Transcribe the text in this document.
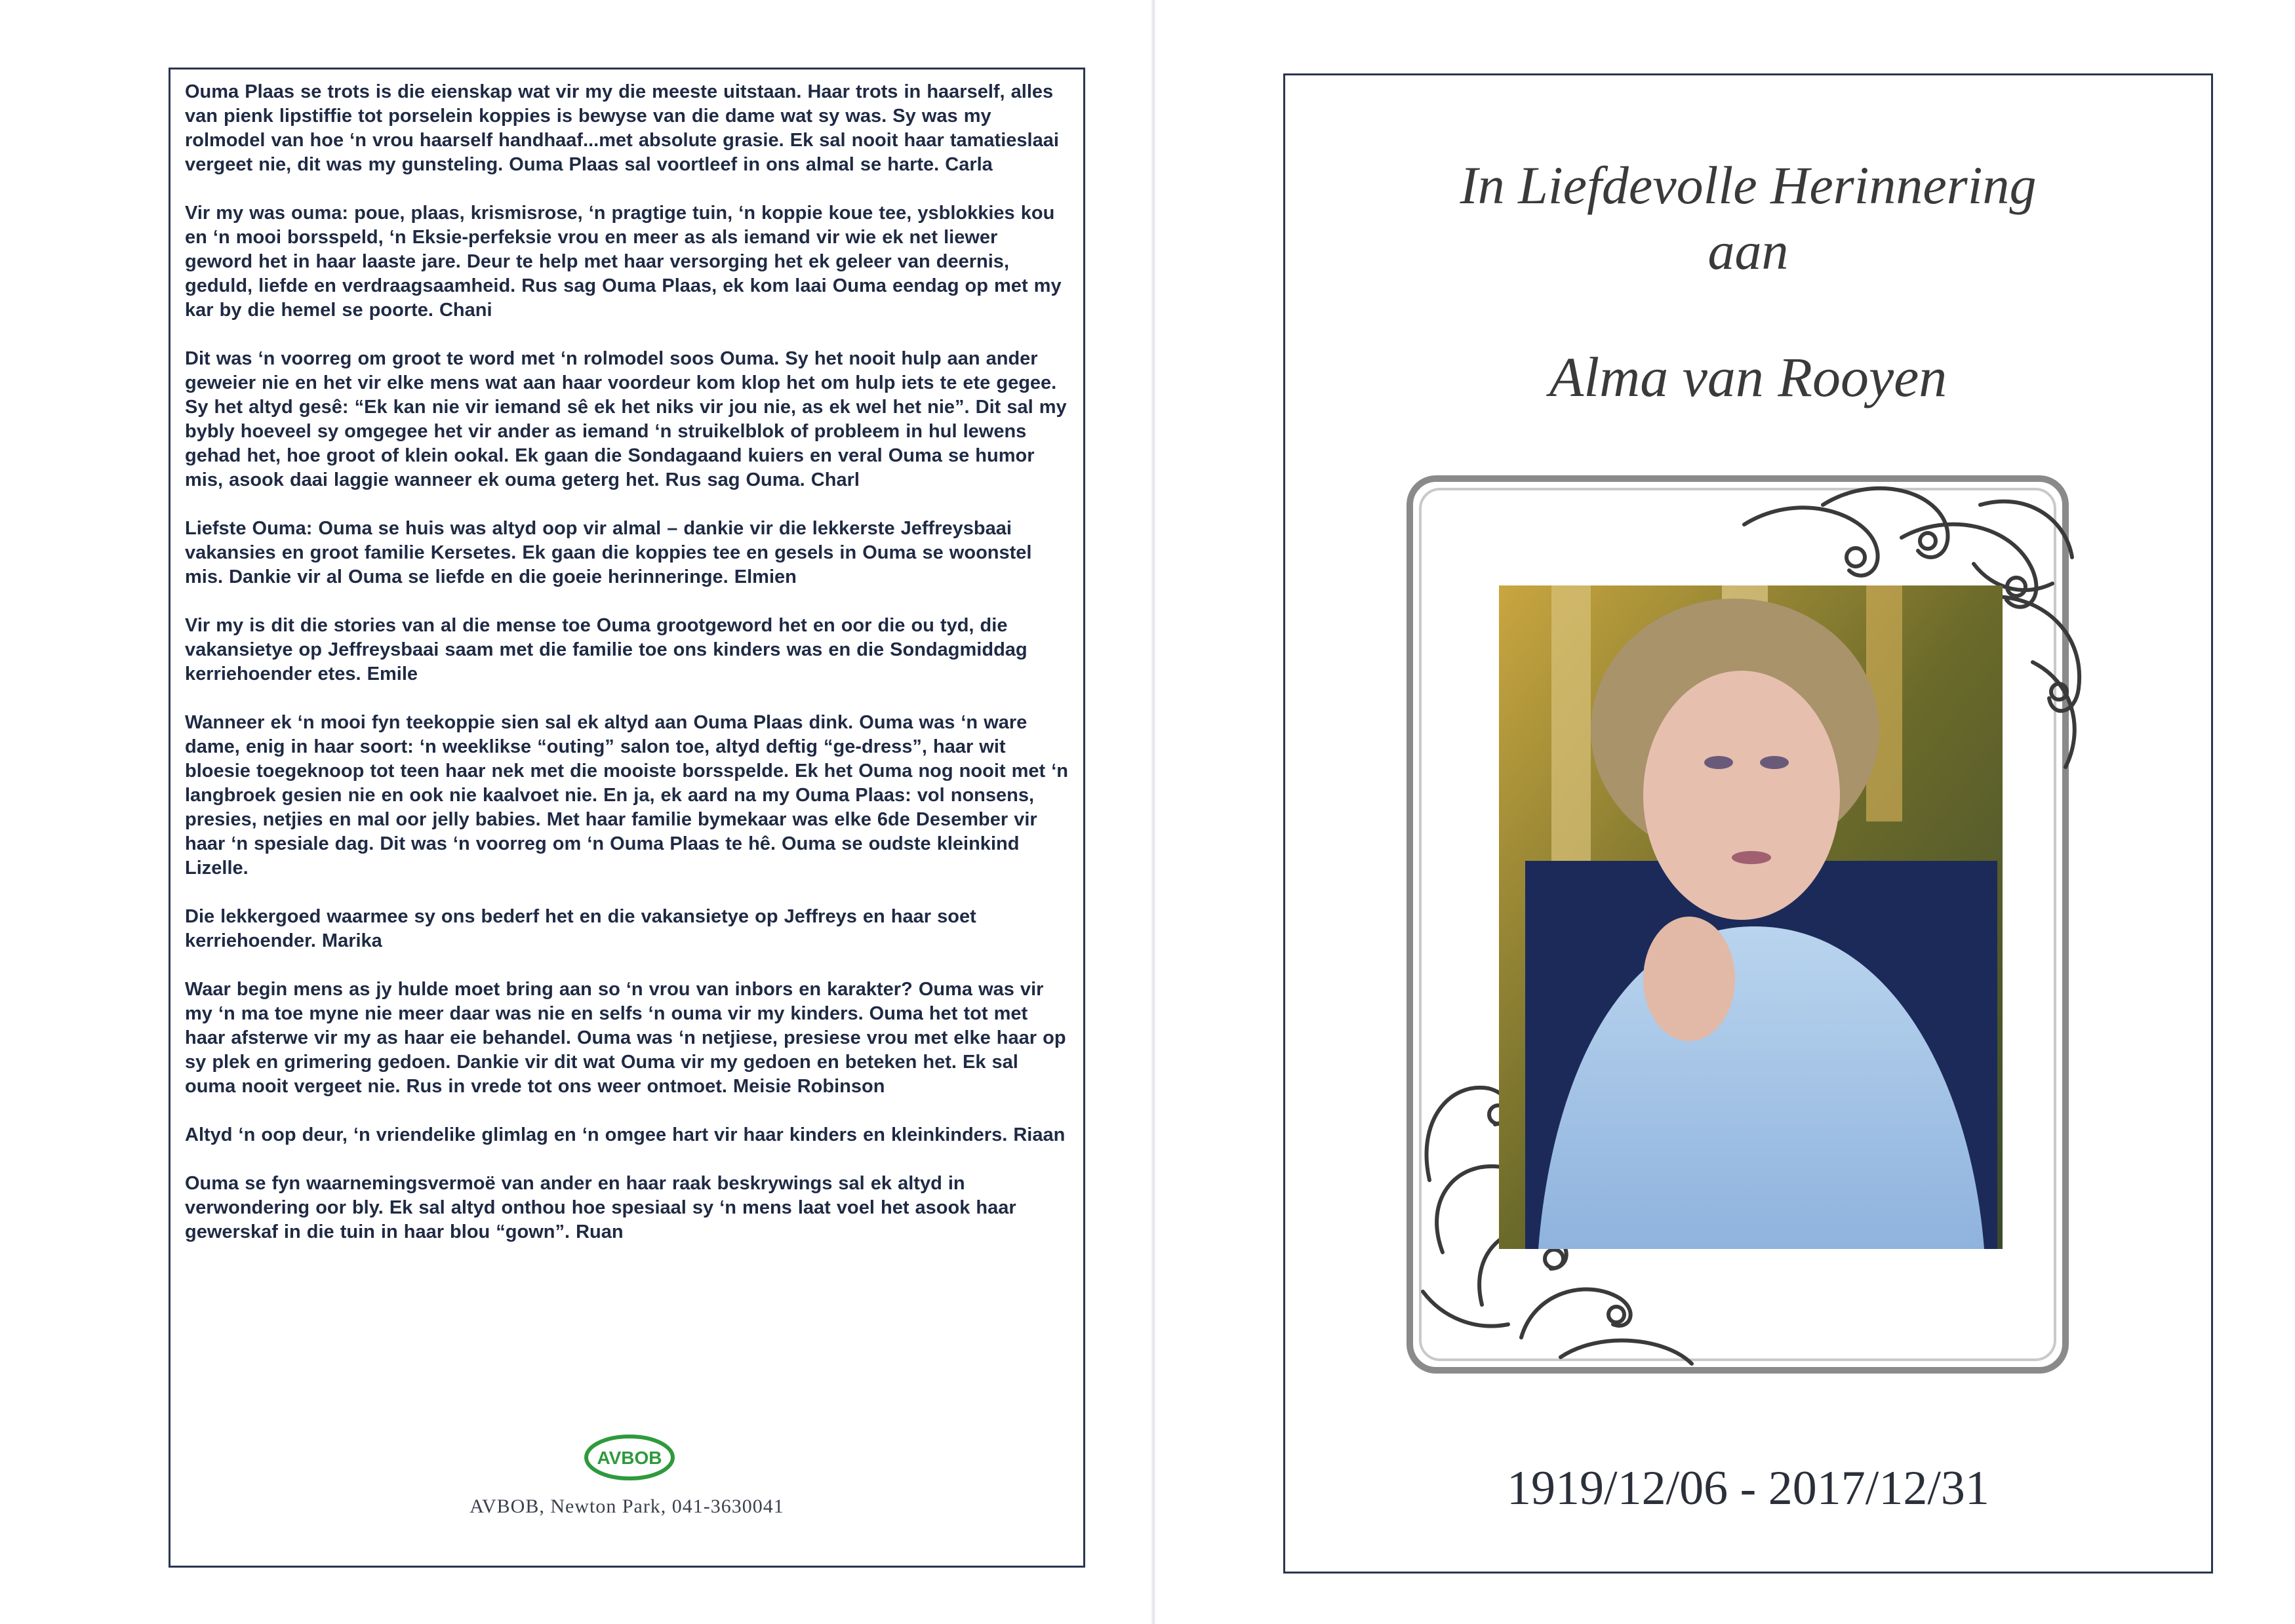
Ouma Plaas se trots is die eienskap wat vir my die meeste uitstaan. Haar trots in haarself, alles van pienk lipstiffie tot porselein koppies is bewyse van die dame wat sy was. Sy was my rolmodel van hoe ‘n vrou haarself handhaaf...met absolute grasie. Ek sal nooit haar tamatieslaai vergeet nie, dit was my gunsteling. Ouma Plaas sal voortleef in ons almal se harte. Carla

Vir my was ouma: poue, plaas, krismisrose, ‘n pragtige tuin, ‘n koppie koue tee, ysblokkies kou en ‘n mooi borsspeld, ‘n Eksie-perfeksie vrou en meer as als iemand vir wie ek net liewer geword het in haar laaste jare. Deur te help met haar versorging het ek geleer van deernis, geduld, liefde en verdraagsaamheid. Rus sag Ouma Plaas, ek kom laai Ouma eendag op met my kar by die hemel se poorte. Chani

Dit was ‘n voorreg om groot te word met ‘n rolmodel soos Ouma. Sy het nooit hulp aan ander geweier nie en het vir elke mens wat aan haar voordeur kom klop het om hulp iets te ete gegee. Sy het altyd gesê: “Ek kan nie vir iemand sê ek het niks vir jou nie, as ek wel het nie”. Dit sal my bybly hoeveel sy omgegee het vir ander as iemand ‘n struikelblok of probleem in hul lewens gehad het, hoe groot of klein ookal. Ek gaan die Sondagaand kuiers en veral Ouma se humor mis, asook daai laggie wanneer ek ouma geterg het. Rus sag Ouma. Charl

Liefste Ouma: Ouma se huis was altyd oop vir almal – dankie vir die lekkerste Jeffreysbaai vakansies en groot familie Kersetes. Ek gaan die koppies tee en gesels in Ouma se woonstel mis. Dankie vir al Ouma se liefde en die goeie herinneringe. Elmien

Vir my is dit die stories van al die mense toe Ouma grootgeword het en oor die ou tyd, die vakansietye op Jeffreysbaai saam met die familie toe ons kinders was en die Sondagmiddag kerriehoender etes. Emile

Wanneer ek ‘n mooi fyn teekoppie sien sal ek altyd aan Ouma Plaas dink. Ouma was ‘n ware dame, enig in haar soort: ‘n weeklikse “outing” salon toe, altyd deftig “ge-dress”, haar wit bloesie toegeknoop tot teen haar nek met die mooiste borsspelde. Ek het Ouma nog nooit met ‘n langbroek gesien nie en ook nie kaalvoet nie. En ja, ek aard na my Ouma Plaas: vol nonsens, presies, netjies en mal oor jelly babies. Met haar familie bymekaar was elke 6de Desember vir haar ‘n spesiale dag. Dit was ‘n voorreg om ‘n Ouma Plaas te hê. Ouma se oudste kleinkind Lizelle.

Die lekkergoed waarmee sy ons bederf het en die vakansietye op Jeffreys en haar soet kerriehoender. Marika

Waar begin mens as jy hulde moet bring aan so ‘n vrou van inbors en karakter? Ouma was vir my ‘n ma toe myne nie meer daar was nie en selfs ‘n ouma vir my kinders. Ouma het tot met haar afsterwe vir my as haar eie behandel. Ouma was ‘n netjiese, presiese vrou met elke haar op sy plek en grimering gedoen. Dankie vir dit wat Ouma vir my gedoen en beteken het. Ek sal ouma nooit vergeet nie. Rus in vrede tot ons weer ontmoet. Meisie Robinson

Altyd ‘n oop deur, ‘n vriendelike glimlag en ‘n omgee hart vir haar kinders en kleinkinders. Riaan

Ouma se fyn waarnemingsvermoë van ander en haar raak beskrywings sal ek altyd in verwondering oor bly. Ek sal altyd onthou hoe spesiaal sy ‘n mens laat voel het asook haar gewerskaf in die tuin in haar blou “gown”. Ruan

AVBOB
AVBOB, Newton Park, 041-3630041
In Liefdevolle Herinnering
aan
Alma van Rooyen
1919/12/06 - 2017/12/31
